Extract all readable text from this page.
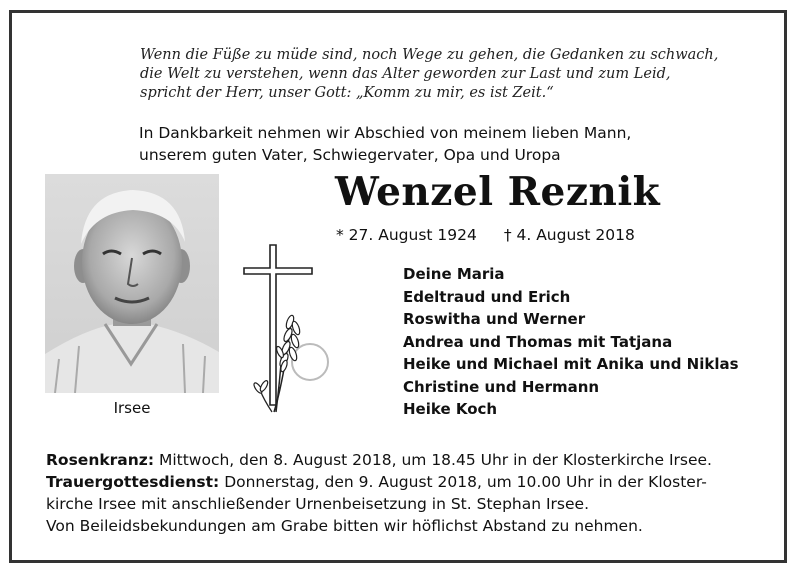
Wenn die Füße zu müde sind, noch Wege zu gehen, die Gedanken zu schwach,
die Welt zu verstehen, wenn das Alter geworden zur Last und zum Leid,
spricht der Herr, unser Gott: „Komm zu mir, es ist Zeit.“
In Dankbarkeit nehmen wir Abschied von meinem lieben Mann,
unserem guten Vater, Schwiegervater, Opa und Uropa
Wenzel Reznik
* 27. August 1924 † 4. August 2018
Irsee
Deine Maria
Edeltraud und Erich
Roswitha und Werner
Andrea und Thomas mit Tatjana
Heike und Michael mit Anika und Niklas
Christine und Hermann
Heike Koch
Rosenkranz: Mittwoch, den 8. August 2018, um 18.45 Uhr in der Klosterkirche Irsee.
Trauergottesdienst: Donnerstag, den 9. August 2018, um 10.00 Uhr in der Kloster-
kirche Irsee mit anschließender Urnenbeisetzung in St. Stephan Irsee.
Von Beileidsbekundungen am Grabe bitten wir höflichst Abstand zu nehmen.
